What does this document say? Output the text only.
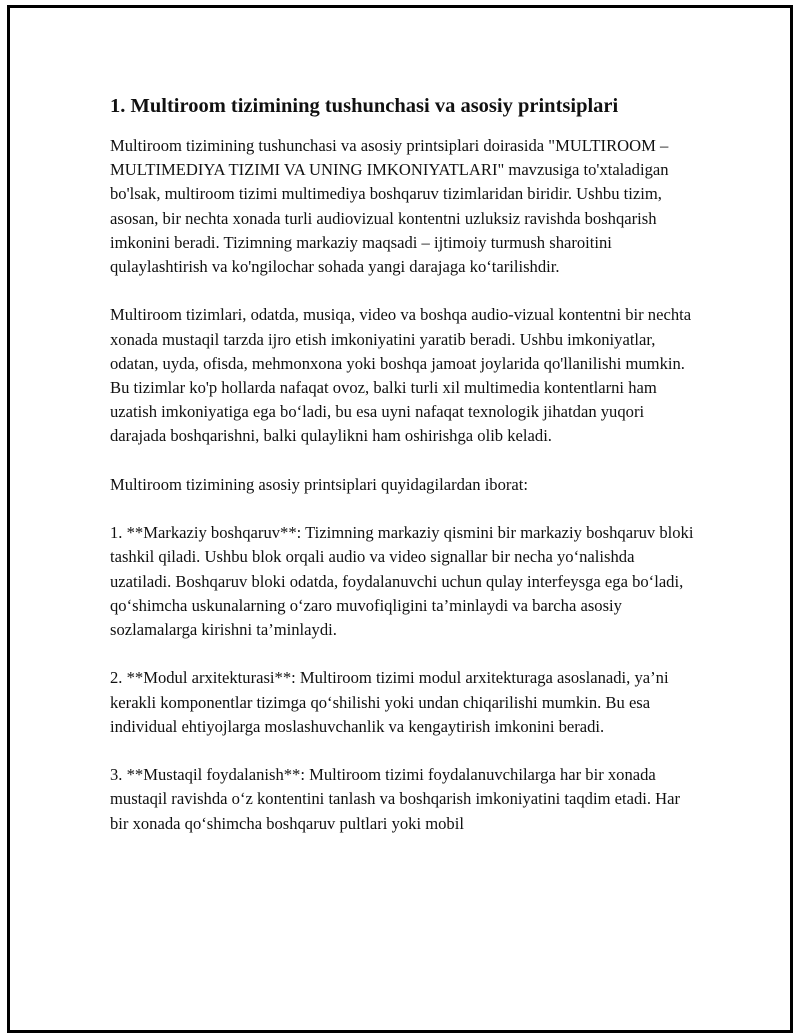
1. Multiroom tizimining tushunchasi va asosiy printsiplari

Multiroom tizimining tushunchasi va asosiy printsiplari doirasida "MULTIROOM – MULTIMEDIYA TIZIMI VA UNING IMKONIYATLARI" mavzusiga to'xtaladigan bo'lsak, multiroom tizimi multimediya boshqaruv tizimlaridan biridir. Ushbu tizim, asosan, bir nechta xonada turli audiovizual kontentni uzluksiz ravishda boshqarish imkonini beradi. Tizimning markaziy maqsadi – ijtimoiy turmush sharoitini qulaylashtirish va ko'ngilochar sohada yangi darajaga koʻtarilishdir.

Multiroom tizimlari, odatda, musiqa, video va boshqa audio-vizual kontentni bir nechta xonada mustaqil tarzda ijro etish imkoniyatini yaratib beradi. Ushbu imkoniyatlar, odatan, uyda, ofisda, mehmonxona yoki boshqa jamoat joylarida qo'llanilishi mumkin. Bu tizimlar ko'p hollarda nafaqat ovoz, balki turli xil multimedia kontentlarni ham uzatish imkoniyatiga ega boʻladi, bu esa uyni nafaqat texnologik jihatdan yuqori darajada boshqarishni, balki qulaylikni ham oshirishga olib keladi.

Multiroom tizimining asosiy printsiplari quyidagilardan iborat:

1. **Markaziy boshqaruv**: Tizimning markaziy qismini bir markaziy boshqaruv bloki tashkil qiladi. Ushbu blok orqali audio va video signallar bir necha yoʻnalishda uzatiladi. Boshqaruv bloki odatda, foydalanuvchi uchun qulay interfeysga ega boʻladi, qoʻshimcha uskunalarning oʻzaro muvofiqligini ta’minlaydi va barcha asosiy sozlamalarga kirishni ta’minlaydi.

2. **Modul arxitekturasi**: Multiroom tizimi modul arxitekturaga asoslanadi, ya’ni kerakli komponentlar tizimga qoʻshilishi yoki undan chiqarilishi mumkin. Bu esa individual ehtiyojlarga moslashuvchanlik va kengaytirish imkonini beradi.

3. **Mustaqil foydalanish**: Multiroom tizimi foydalanuvchilarga har bir xonada mustaqil ravishda oʻz kontentini tanlash va boshqarish imkoniyatini taqdim etadi. Har bir xonada qoʻshimcha boshqaruv pultlari yoki mobil
